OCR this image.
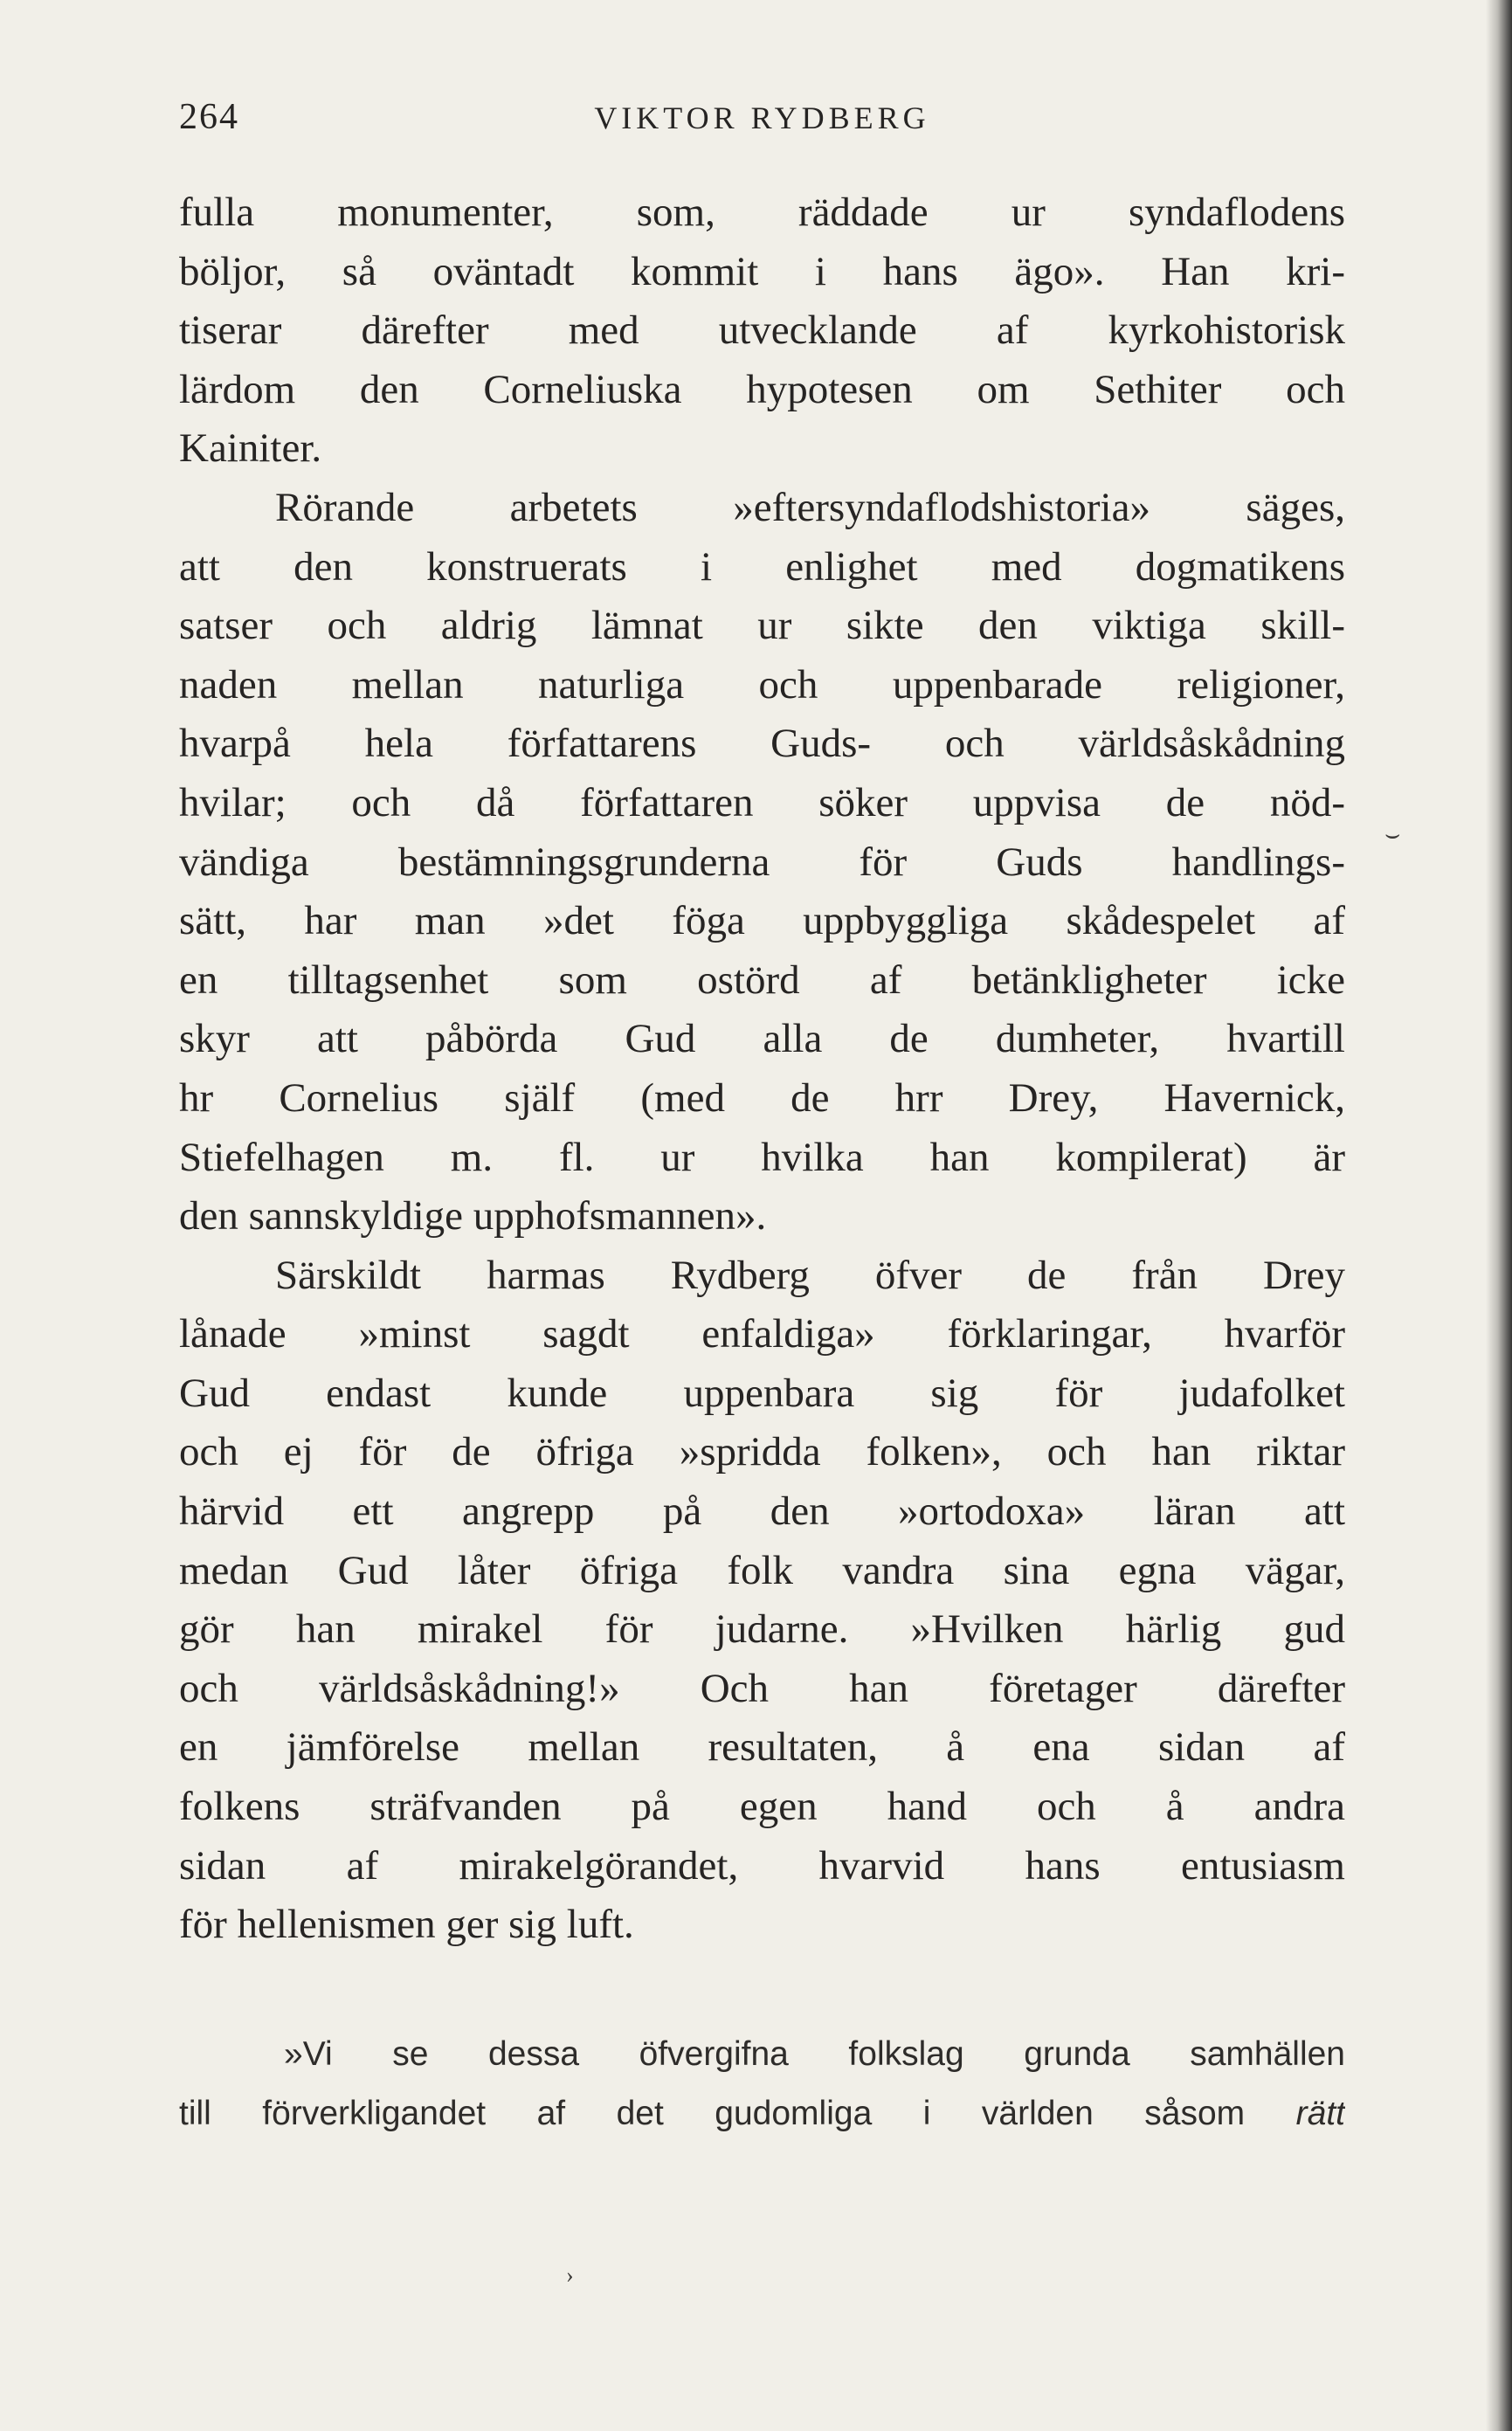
264	VIKTOR RYDBERG
fulla monumenter, som, räddade ur syndaflodens
böljor, så oväntadt kommit i hans ägo». Han kri-
tiserar därefter med utvecklande af kyrkohistorisk
lärdom den Corneliuska hypotesen om Sethiter och
Kainiter.
Rörande arbetets »eftersyndaflodshistoria» säges,
att den konstruerats i enlighet med dogmatikens
satser och aldrig lämnat ur sikte den viktiga skill-
naden mellan naturliga och uppenbarade religioner,
hvarpå hela författarens Guds- och världsåskådning
hvilar; och då författaren söker uppvisa de nöd-
vändiga bestämningsgrunderna för Guds handlings-
sätt, har man »det föga uppbyggliga skådespelet af
en tilltagsenhet som ostörd af betänkligheter icke
skyr att påbörda Gud alla de dumheter, hvartill
hr Cornelius själf (med de hrr Drey, Havernick,
Stiefelhagen m. fl. ur hvilka han kompilerat) är
den sannskyldige upphofsmannen».
Särskildt harmas Rydberg öfver de från Drey
lånade »minst sagdt enfaldiga» förklaringar, hvarför
Gud endast kunde uppenbara sig för judafolket
och ej för de öfriga »spridda folken», och han riktar
härvid ett angrepp på den »ortodoxa» läran att
medan Gud låter öfriga folk vandra sina egna vägar,
gör han mirakel för judarne. »Hvilken härlig gud
och världsåskådning!» Och han företager därefter
en jämförelse mellan resultaten, å ena sidan af
folkens sträfvanden på egen hand och å andra
sidan af mirakelgörandet, hvarvid hans entusiasm
för hellenismen ger sig luft.
»Vi se dessa öfvergifna folkslag grunda samhällen
till förverkligandet af det gudomliga i världen såsom rätt
⌣
›
